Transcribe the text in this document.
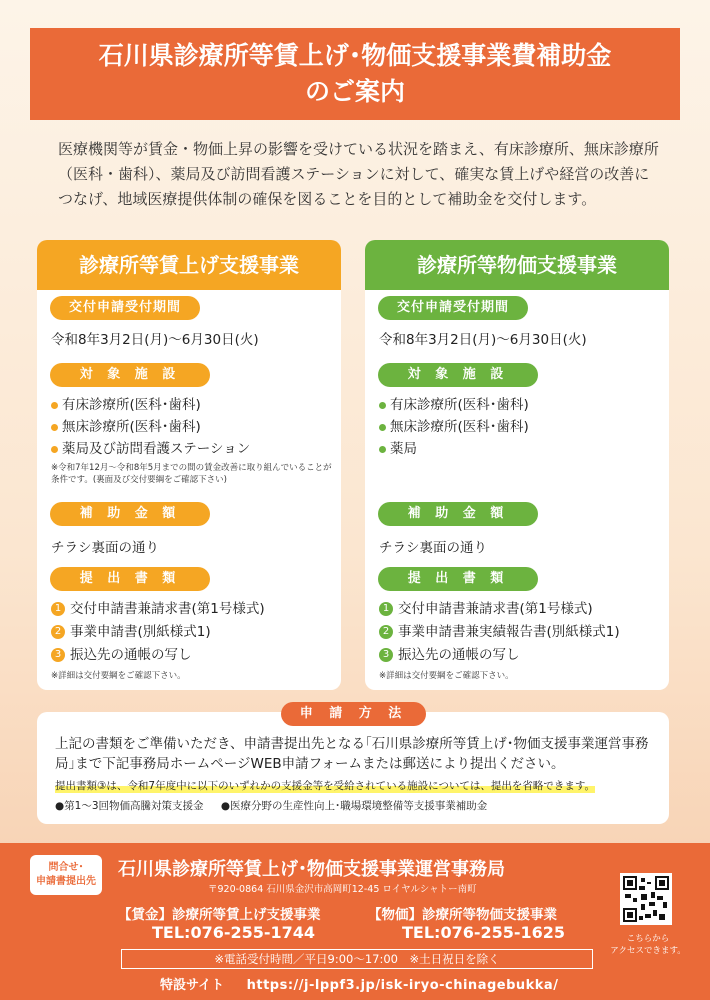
石川県診療所等賃上げ･物価支援事業費補助金
のご案内

医療機関等が賃金・物価上昇の影響を受けている状況を踏まえ、有床診療所、無床診療所（医科・歯科）、薬局及び訪問看護ステーションに対して、確実な賃上げや経営の改善につなげ、地域医療提供体制の確保を図ることを目的として補助金を交付します。

診療所等賃上げ支援事業
交付申請受付期間
令和8年3月2日(月)～6月30日(火)
対 象 施 設
有床診療所(医科･歯科)
無床診療所(医科･歯科)
薬局及び訪問看護ステーション
※令和7年12月～令和8年5月までの間の賃金改善に取り組んでいることが条件です。(裏面及び交付要綱をご確認下さい)
補 助 金 額
チラシ裏面の通り
提 出 書 類
1 交付申請書兼請求書(第1号様式)
2 事業申請書(別紙様式1)
3 振込先の通帳の写し
※詳細は交付要綱をご確認下さい。
診療所等物価支援事業
交付申請受付期間
令和8年3月2日(月)～6月30日(火)
対 象 施 設
有床診療所(医科･歯科)
無床診療所(医科･歯科)
薬局
補 助 金 額
チラシ裏面の通り
提 出 書 類
1 交付申請書兼請求書(第1号様式)
2 事業申請書兼実績報告書(別紙様式1)
3 振込先の通帳の写し
※詳細は交付要綱をご確認下さい。
申 請 方 法
上記の書類をご準備いただき、申請書提出先となる｢石川県診療所等賃上げ･物価支援事業運営事務局｣まで下記事務局ホームページWEB申請フォームまたは郵送により提出ください。
提出書類③は、令和7年度中に以下のいずれかの支援金等を受給されている施設については、提出を省略できます。
●第1～3回物価高騰対策支援金 ●医療分野の生産性向上･職場環境整備等支援事業補助金
問合せ･
申請書提出先
石川県診療所等賃上げ･物価支援事業運営事務局
〒920-0864 石川県金沢市高岡町12-45 ロイヤルシャトー南町
【賃金】診療所等賃上げ支援事業
TEL:076-255-1744
【物価】診療所等物価支援事業
TEL:076-255-1625
※電話受付時間／平日9:00～17:00　※土日祝日を除く
特設サイト https://j-lppf3.jp/isk-iryo-chinagebukka/
こちらから
アクセスできます。
